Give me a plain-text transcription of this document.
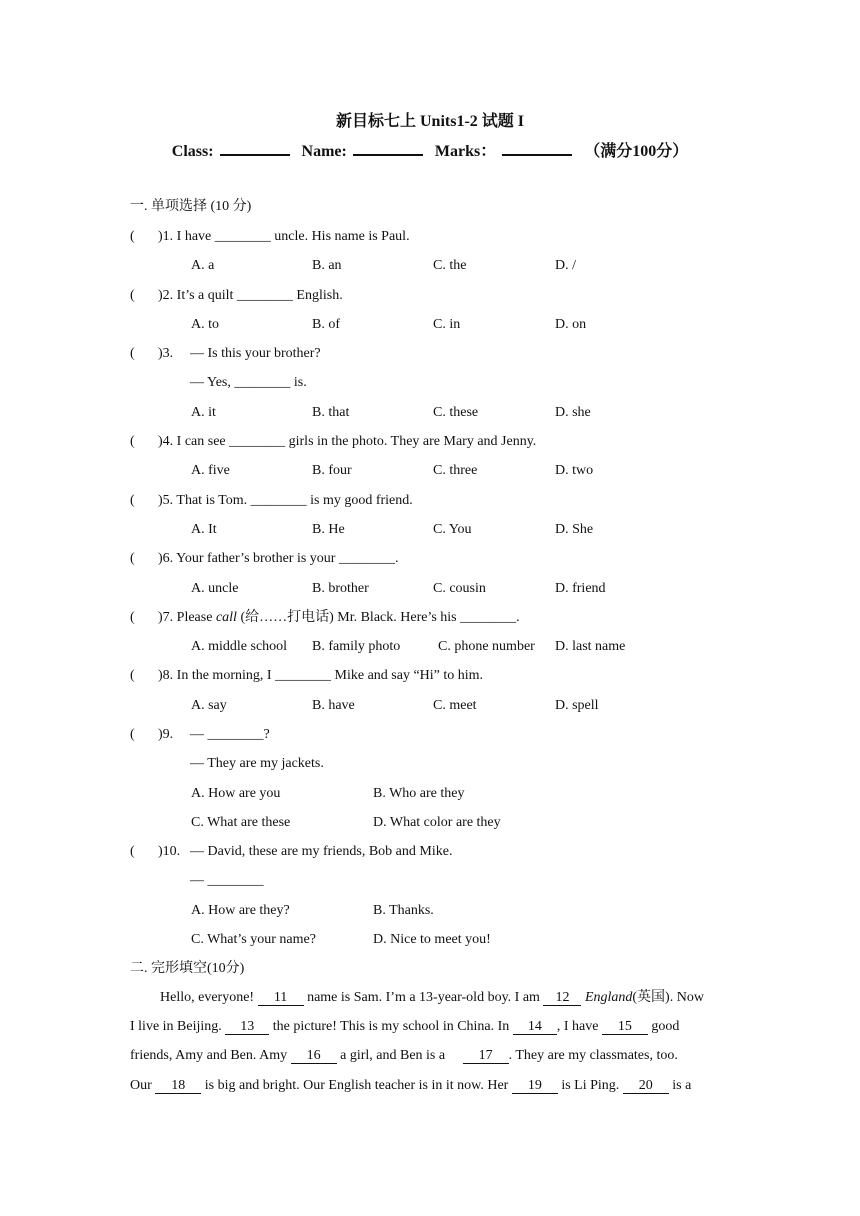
新目标七上 Units1-2 试题 I
Class:	Name:	Marks：	（满分100分）
一. 单项选择 (10 分)
( )1. I have ________ uncle. His name is Paul.
A. a	B. an	C. the	D. /
( )2. It’s a quilt ________ English.
A. to	B. of	C. in	D. on
( )3. — Is this your brother?
— Yes, ________ is.
A. it	B. that	C. these	D. she
( )4. I can see ________ girls in the photo. They are Mary and Jenny.
A. five	B. four	C. three	D. two
( )5. That is Tom. ________ is my good friend.
A. It	B. He	C. You	D. She
( )6. Your father’s brother is your ________.
A. uncle	B. brother	C. cousin	D. friend
( )7. Please call (给……打电话) Mr. Black. Here’s his ________.
A. middle school B. family photo	C. phone number D. last name
( )8. In the morning, I ________ Mike and say “Hi” to him.
A. say	B. have	C. meet	D. spell
( )9. — ________?
— They are my jackets.
A. How are you	B. Who are they
C. What are these	D. What color are they
( )10. — David, these are my friends, Bob and Mike.
— ________
A. How are they?	B. Thanks.
C. What’s your name?	D. Nice to meet you!
二. 完形填空(10分)
Hello, everyone! 11 name is Sam. I’m a 13-year-old boy. I am 12 England(英国). Now
I live in Beijing. 13 the picture! This is my school in China. In 14 , I have 15 good
friends, Amy and Ben. Amy 16 a girl, and Ben is a 17 . They are my classmates, too.
Our 18 is big and bright. Our English teacher is in it now. Her 19 is Li Ping. 20 is a
